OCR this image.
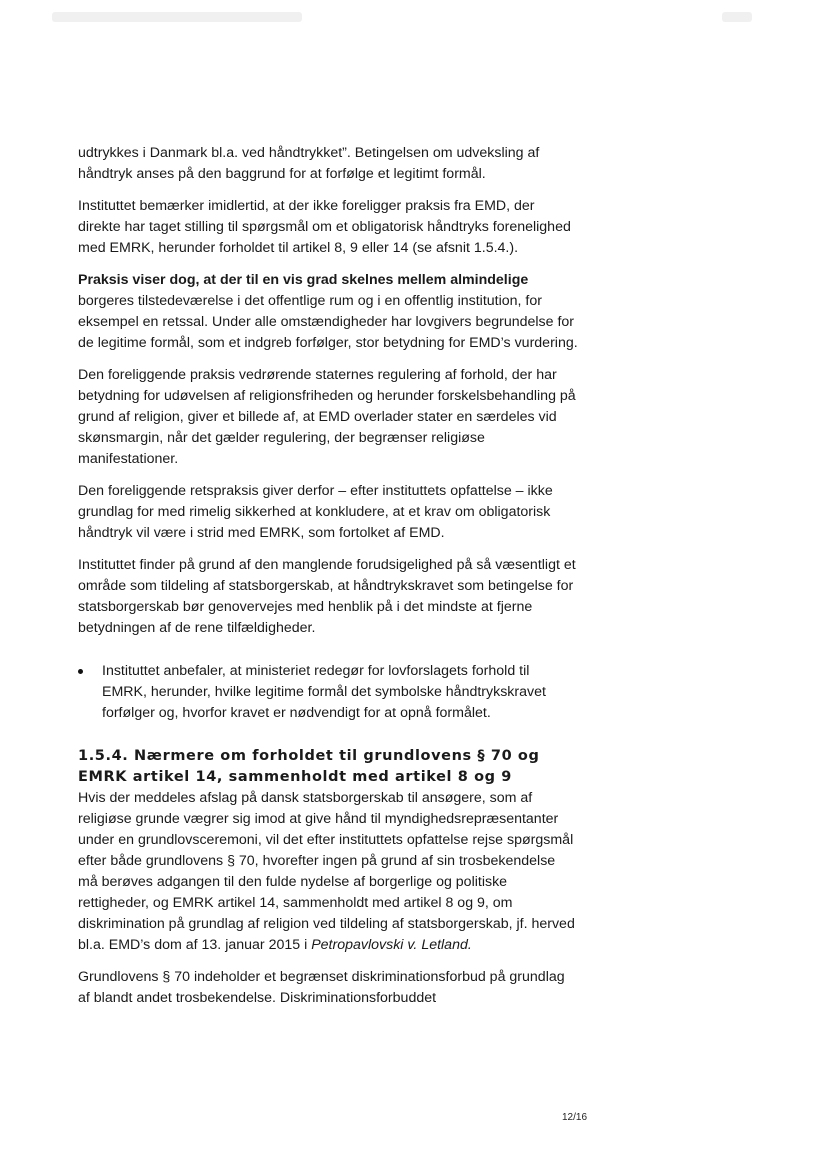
udtrykkes i Danmark bl.a. ved håndtrykket”. Betingelsen om udveksling af håndtryk anses på den baggrund for at forfølge et legitimt formål.

Instituttet bemærker imidlertid, at der ikke foreligger praksis fra EMD, der direkte har taget stilling til spørgsmål om et obligatorisk håndtryks forenelighed med EMRK, herunder forholdet til artikel 8, 9 eller 14 (se afsnit 1.5.4.).

Praksis viser dog, at der til en vis grad skelnes mellem almindelige
borgeres tilstedeværelse i det offentlige rum og i en offentlig institution, for eksempel en retssal. Under alle omstændigheder har lovgivers begrundelse for de legitime formål, som et indgreb forfølger, stor betydning for EMD’s vurdering.

Den foreliggende praksis vedrørende staternes regulering af forhold, der har betydning for udøvelsen af religionsfriheden og herunder forskelsbehandling på grund af religion, giver et billede af, at EMD overlader stater en særdeles vid skønsmargin, når det gælder regulering, der begrænser religiøse manifestationer.

Den foreliggende retspraksis giver derfor – efter instituttets opfattelse – ikke grundlag for med rimelig sikkerhed at konkludere, at et krav om obligatorisk håndtryk vil være i strid med EMRK, som fortolket af EMD.

Instituttet finder på grund af den manglende forudsigelighed på så væsentligt et område som tildeling af statsborgerskab, at håndtrykskravet som betingelse for statsborgerskab bør genovervejes med henblik på i det mindste at fjerne betydningen af de rene tilfældigheder.

Instituttet anbefaler, at ministeriet redegør for lovforslagets forhold til EMRK, herunder, hvilke legitime formål det symbolske håndtrykskravet forfølger og, hvorfor kravet er nødvendigt for at opnå formålet.
1.5.4. Nærmere om forholdet til grundlovens § 70 og EMRK artikel 14, sammenholdt med artikel 8 og 9

Hvis der meddeles afslag på dansk statsborgerskab til ansøgere, som af religiøse grunde vægrer sig imod at give hånd til myndighedsrepræsentanter under en grundlovsceremoni, vil det efter instituttets opfattelse rejse spørgsmål efter både grundlovens § 70, hvorefter ingen på grund af sin trosbekendelse må berøves adgangen til den fulde nydelse af borgerlige og politiske rettigheder, og EMRK artikel 14, sammenholdt med artikel 8 og 9, om diskrimination på grundlag af religion ved tildeling af statsborgerskab, jf. herved bl.a. EMD’s dom af 13. januar 2015 i Petropavlovski v. Letland.

Grundlovens § 70 indeholder et begrænset diskriminationsforbud på grundlag af blandt andet trosbekendelse. Diskriminationsforbuddet

12/16
